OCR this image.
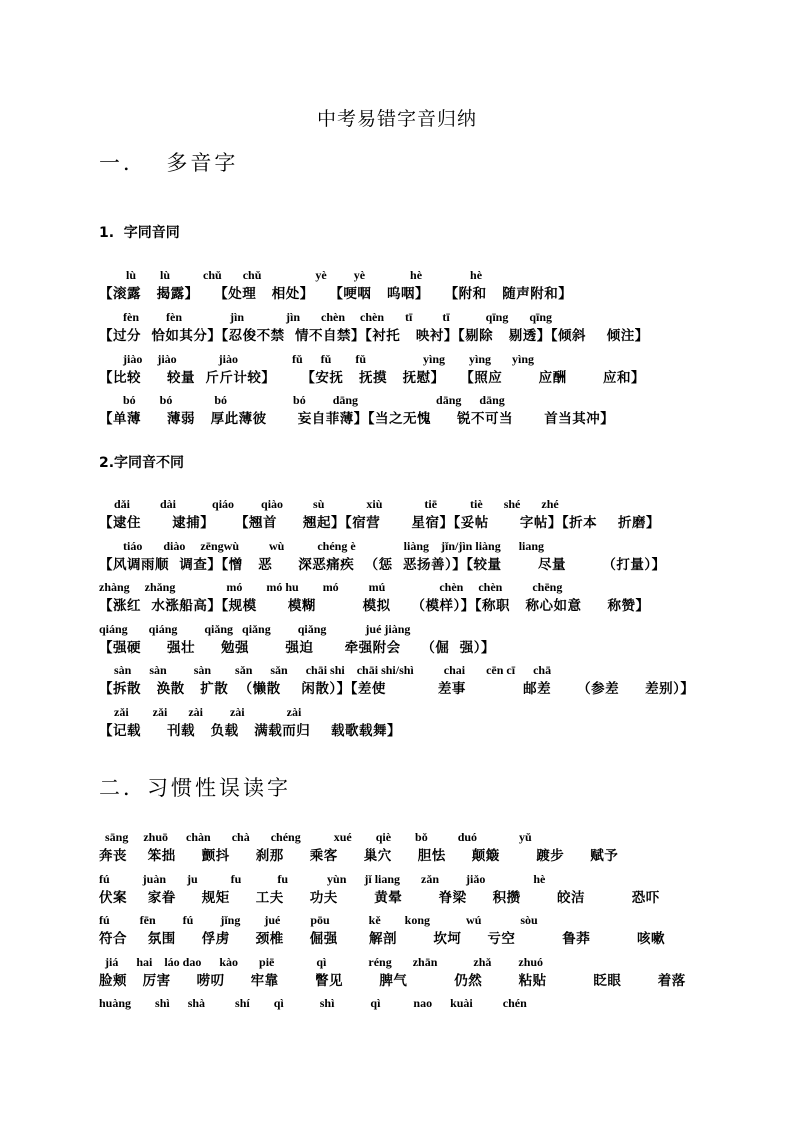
中考易错字音归纳
一．  多音字
1.  字同音同
lù        lù           chǔ       chǔ                  yè         yè               hè                hè
【滚露   揭露】   【处理   相处】   【哽咽   呜咽】   【附和   随声附和】
fèn         fèn                jìn              jìn       chèn     chèn       tī          tī            qīng       qīng
【过分  恰如其分】【忍俊不禁  情不自禁】【衬托   映衬】【剔除   剔透】【倾斜    倾注】
jiào     jiào              jiào                  fǔ      fǔ        fǔ                   yìng        yìng       yìng
【比较     较量  斤斤计较】     【安抚   抚摸   抚慰】   【照应       应酬       应和】
bó        bó              bó                      bó         dāng                          dāng      dāng
【单薄     薄弱   厚此薄彼      妄自菲薄】【当之无愧     锐不可当      首当其冲】
2.字同音不同
dǎi          dài            qiáo         qiào          sù              xiù              tiē           tiè       shé       zhé
【逮住      逮捕】    【翘首     翘起】【宿营      星宿】【妥帖      字帖】【折本    折磨】
tiáo       diào     zēngwù          wù           chéng è                liàng    jǐn/jìn liàng      liang
【风调雨顺  调查】【憎   恶     深恶痛疾  （惩  恶扬善）】【较量       尽量       （打量）】
zhàng     zhǎng                 mó        mó hu        mó          mú                  chèn     chèn          chēng
【涨红  水涨船高】【规模      模糊         模拟    （模样）】【称职   称心如意     称赞】
qiáng       qiáng         qiǎng   qiǎng         qiǎng             jué jiàng
【强硬     强壮     勉强       强迫      牵强附会    （倔  强）】
sàn      sàn         sàn        sǎn      sǎn      chāi shi    chāi shi/shì          chai       cēn cī      chā
【拆散   涣散   扩散  （懒散    闲散）】【差使          差事           邮差     （参差     差别）】
zǎi        zǎi       zài         zài              zài
【记载     刊载   负载   满载而归    载歌载舞】
二．习惯性误读字
sāng     zhuō      chàn       chà       chéng           xué        qiè        bǒ          duó              yǔ
奔丧    笨拙     颤抖     刹那     乘客     巢穴     胆怯     颠簸       踱步     赋予
fú           juàn       ju           fu            fu             yùn      jǐ liang       zǎn         jiǎo                hè
伏案    家眷     规矩     工夫     功夫       黄晕       脊梁     积攒       皎洁         恐吓
fú          fēn         fú         jǐng        jué          pōu             kě        kong            wú             sòu
符合    氛围     俘虏     颈椎     倔强      解剖       坎坷     亏空         鲁莽         咳嗽
jiá      hai    láo dao      kào       piē              qì              réng       zhān            zhǎ         zhuó
脸颊   厉害     唠叨     牢靠       瞥见       脾气         仍然       粘贴         眨眼       着落
huàng        shì      shà          shí        qì            shì            qì           nao      kuài          chén
